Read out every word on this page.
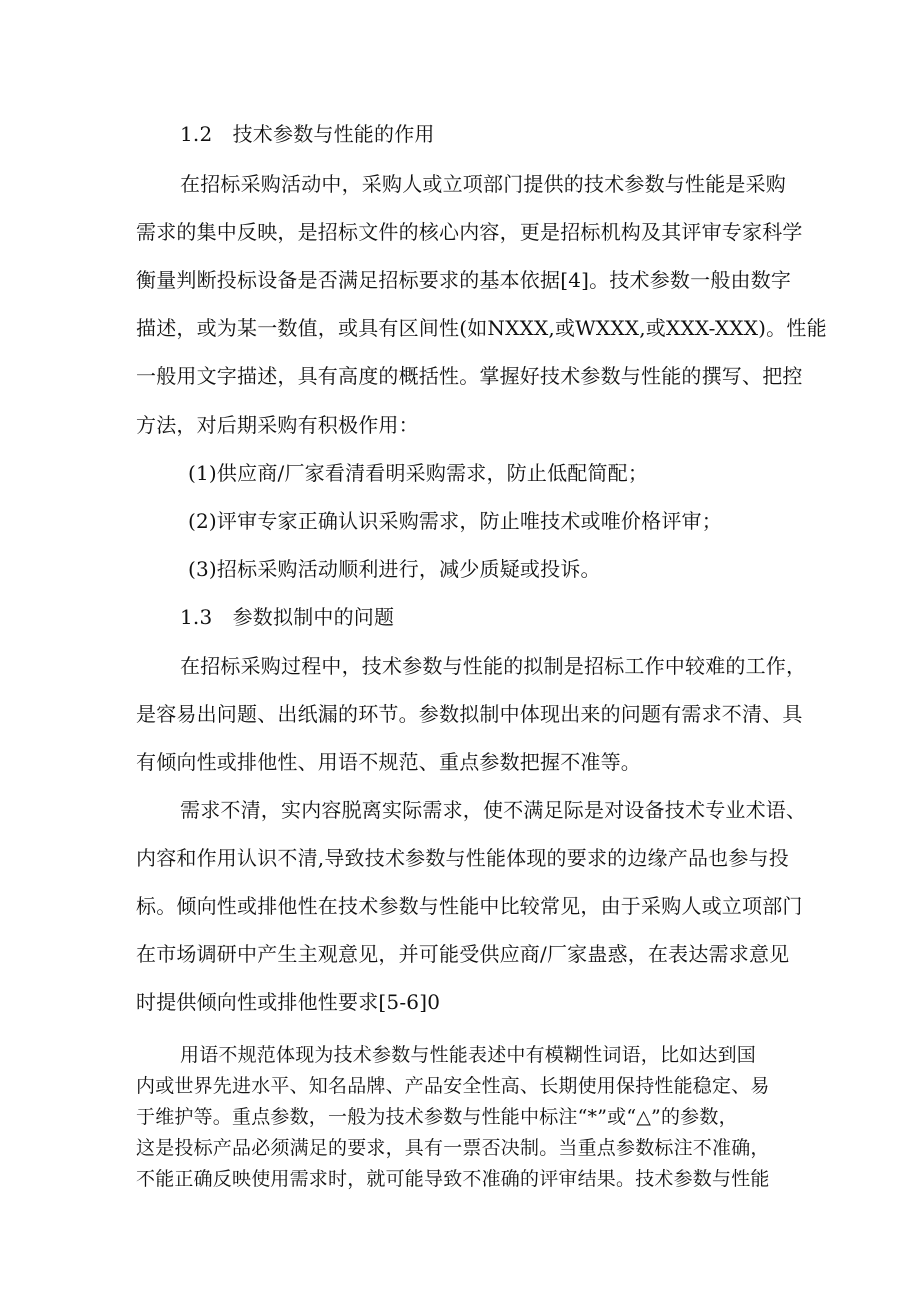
1.2　技术参数与性能的作用
在招标采购活动中，采购人或立项部门提供的技术参数与性能是采购
需求的集中反映，是招标文件的核心内容，更是招标机构及其评审专家科学
衡量判断投标设备是否满足招标要求的基本依据[4]。技术参数一般由数字
描述，或为某一数值，或具有区间性(如NXXX,或WXXX,或XXX-XXX)。性能
一般用文字描述，具有高度的概括性。掌握好技术参数与性能的撰写、把控
方法，对后期采购有积极作用：
(1)供应商/厂家看清看明采购需求，防止低配简配；
(2)评审专家正确认识采购需求，防止唯技术或唯价格评审；
(3)招标采购活动顺利进行，减少质疑或投诉。
1.3　参数拟制中的问题
在招标采购过程中，技术参数与性能的拟制是招标工作中较难的工作，
是容易出问题、出纸漏的环节。参数拟制中体现出来的问题有需求不清、具
有倾向性或排他性、用语不规范、重点参数把握不准等。
需求不清，实内容脱离实际需求，使不满足际是对设备技术专业术语、
内容和作用认识不清,导致技术参数与性能体现的要求的边缘产品也参与投
标。倾向性或排他性在技术参数与性能中比较常见，由于采购人或立项部门
在市场调研中产生主观意见，并可能受供应商/厂家蛊惑，在表达需求意见
时提供倾向性或排他性要求[5-6]0
用语不规范体现为技术参数与性能表述中有模糊性词语，比如达到国
内或世界先进水平、知名品牌、产品安全性高、长期使用保持性能稳定、易
于维护等。重点参数，一般为技术参数与性能中标注“*”或“△”的参数，
这是投标产品必须满足的要求，具有一票否决制。当重点参数标注不准确，
不能正确反映使用需求时，就可能导致不准确的评审结果。技术参数与性能
